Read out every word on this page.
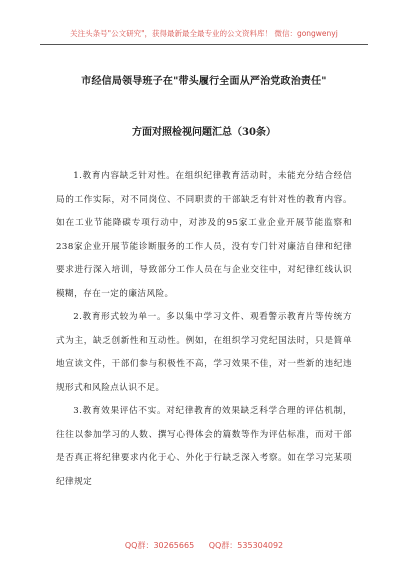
关注头条号"公文研究"，获得最新最全最专业的公文资料库！ 微信：gongwenyj
市经信局领导班子在"带头履行全面从严治党政治责任"
方面对照检视问题汇总（30条）

1.教育内容缺乏针对性。在组织纪律教育活动时，未能充分结合经信局的工作实际，对不同岗位、不同职责的干部缺乏有针对性的教育内容。如在工业节能降碳专项行动中，对涉及的95家工业企业开展节能监察和238家企业开展节能诊断服务的工作人员，没有专门针对廉洁自律和纪律要求进行深入培训，导致部分工作人员在与企业交往中，对纪律红线认识模糊，存在一定的廉洁风险。

2.教育形式较为单一。多以集中学习文件、观看警示教育片等传统方式为主，缺乏创新性和互动性。例如，在组织学习党纪国法时，只是简单地宣读文件，干部们参与积极性不高，学习效果不佳，对一些新的违纪违规形式和风险点认识不足。

3.教育效果评估不实。对纪律教育的效果缺乏科学合理的评估机制，往往以参加学习的人数、撰写心得体会的篇数等作为评估标准，而对干部是否真正将纪律要求内化于心、外化于行缺乏深入考察。如在学习完某项纪律规定

QQ群：30265665 QQ群：535304092
